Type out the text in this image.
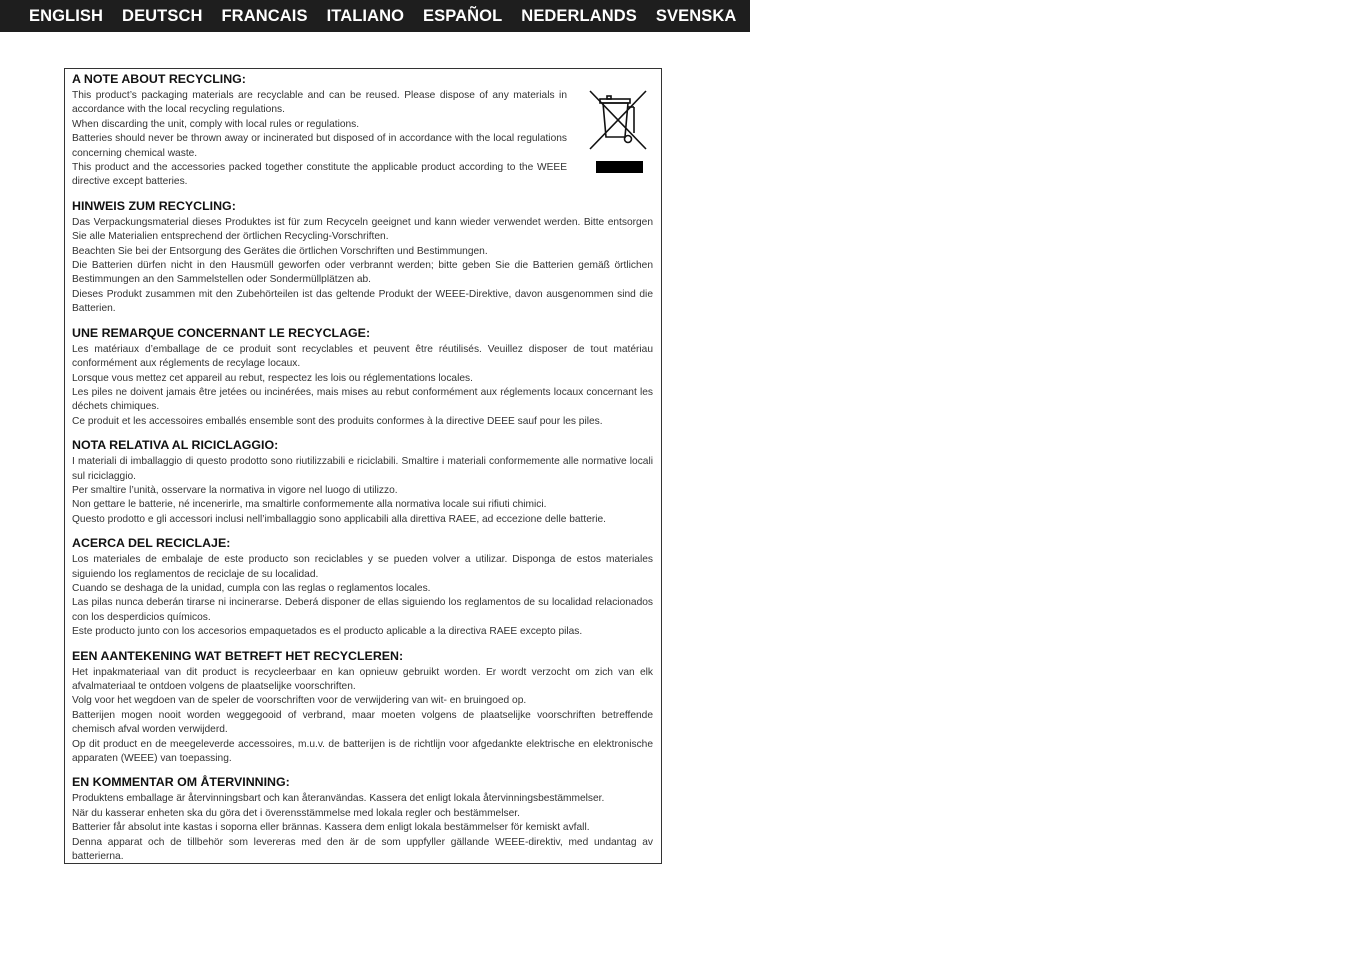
ENGLISH DEUTSCH FRANCAIS ITALIANO ESPAÑOL NEDERLANDS SVENSKA
A NOTE ABOUT RECYCLING:

This product’s packaging materials are recyclable and can be reused. Please dispose of any materials in accordance with the local recycling regulations.

When discarding the unit, comply with local rules or regulations.

Batteries should never be thrown away or incinerated but disposed of in accordance with the local regulations concerning chemical waste.

This product and the accessories packed together constitute the applicable product according to the WEEE directive except batteries.

HINWEIS ZUM RECYCLING:

Das Verpackungsmaterial dieses Produktes ist für zum Recyceln geeignet und kann wieder verwendet werden. Bitte entsorgen Sie alle Materialien entsprechend der örtlichen Recycling-Vorschriften.

Beachten Sie bei der Entsorgung des Gerätes die örtlichen Vorschriften und Bestimmungen.

Die Batterien dürfen nicht in den Hausmüll geworfen oder verbrannt werden; bitte geben Sie die Batterien gemäß örtlichen Bestimmungen an den Sammelstellen oder Sondermüllplätzen ab.

Dieses Produkt zusammen mit den Zubehörteilen ist das geltende Produkt der WEEE-Direktive, davon ausgenommen sind die Batterien.

UNE REMARQUE CONCERNANT LE RECYCLAGE:

Les matériaux d’emballage de ce produit sont recyclables et peuvent être réutilisés. Veuillez disposer de tout matériau conformément aux réglements de recylage locaux.

Lorsque vous mettez cet appareil au rebut, respectez les lois ou réglementations locales.

Les piles ne doivent jamais être jetées ou incinérées, mais mises au rebut conformément aux réglements locaux concernant les déchets chimiques.

Ce produit et les accessoires emballés ensemble sont des produits conformes à la directive DEEE sauf pour les piles.

NOTA RELATIVA AL RICICLAGGIO:

I materiali di imballaggio di questo prodotto sono riutilizzabili e riciclabili. Smaltire i materiali conformemente alle normative locali sul riciclaggio.

Per smaltire l’unità, osservare la normativa in vigore nel luogo di utilizzo.

Non gettare le batterie, né incenerirle, ma smaltirle conformemente alla normativa locale sui rifiuti chimici.

Questo prodotto e gli accessori inclusi nell’imballaggio sono applicabili alla direttiva RAEE, ad eccezione delle batterie.

ACERCA DEL RECICLAJE:

Los materiales de embalaje de este producto son reciclables y se pueden volver a utilizar. Disponga de estos materiales siguiendo los reglamentos de reciclaje de su localidad.

Cuando se deshaga de la unidad, cumpla con las reglas o reglamentos locales.

Las pilas nunca deberán tirarse ni incinerarse. Deberá disponer de ellas siguiendo los reglamentos de su localidad relacionados con los desperdicios químicos.

Este producto junto con los accesorios empaquetados es el producto aplicable a la directiva RAEE excepto pilas.

EEN AANTEKENING WAT BETREFT HET RECYCLEREN:

Het inpakmateriaal van dit product is recycleerbaar en kan opnieuw gebruikt worden. Er wordt verzocht om zich van elk afvalmateriaal te ontdoen volgens de plaatselijke voorschriften.

Volg voor het wegdoen van de speler de voorschriften voor de verwijdering van wit- en bruingoed op.

Batterijen mogen nooit worden weggegooid of verbrand, maar moeten volgens de plaatselijke voorschriften betreffende chemisch afval worden verwijderd.

Op dit product en de meegeleverde accessoires, m.u.v. de batterijen is de richtlijn voor afgedankte elektrische en elektronische apparaten (WEEE) van toepassing.

EN KOMMENTAR OM ÅTERVINNING:

Produktens emballage är återvinningsbart och kan återanvändas. Kassera det enligt lokala återvinningsbestämmelser.

När du kasserar enheten ska du göra det i överensstämmelse med lokala regler och bestämmelser.

Batterier får absolut inte kastas i soporna eller brännas. Kassera dem enligt lokala bestämmelser för kemiskt avfall.

Denna apparat och de tillbehör som levereras med den är de som uppfyller gällande WEEE-direktiv, med undantag av batterierna.
